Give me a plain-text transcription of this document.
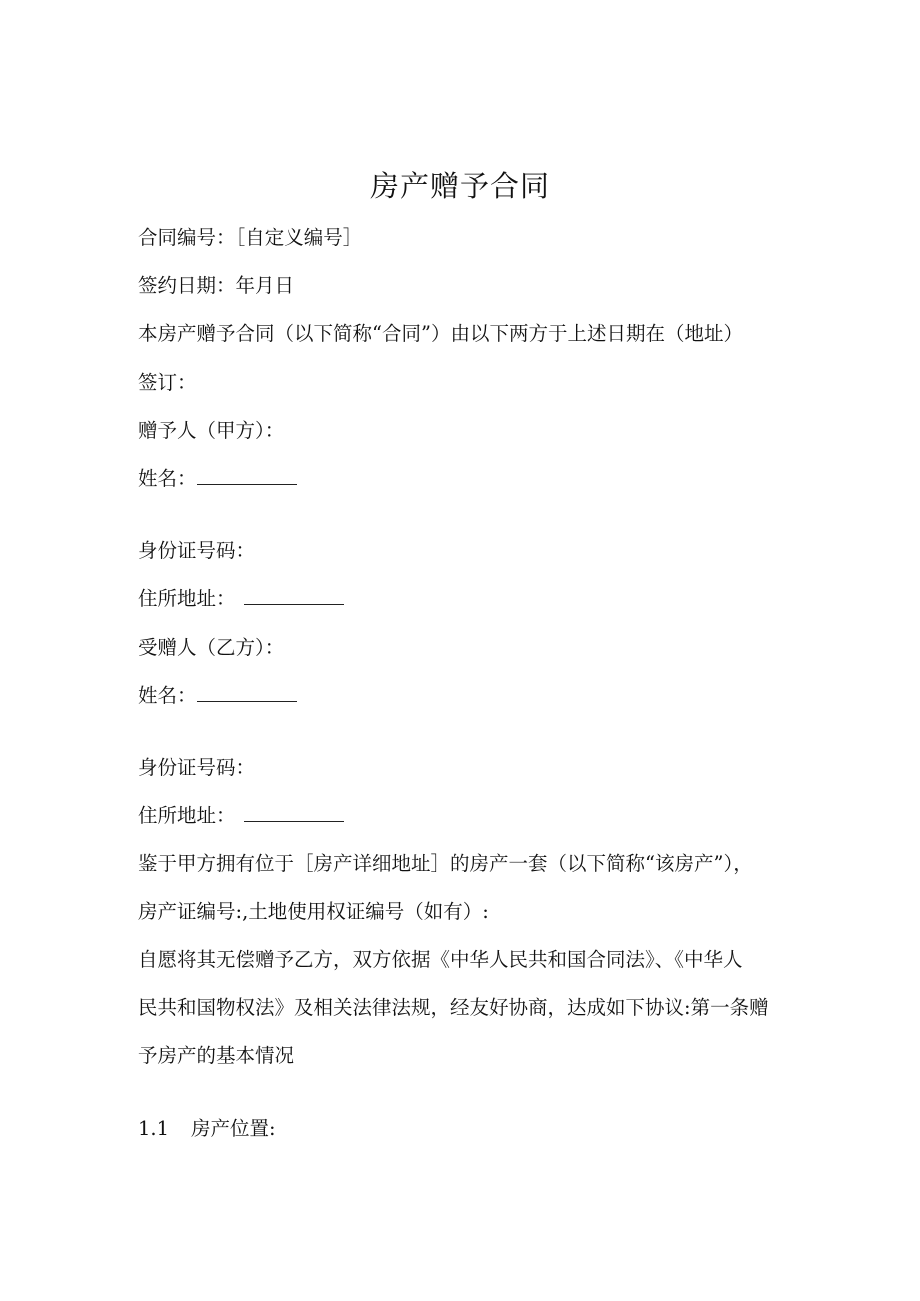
房产赠予合同
合同编号：［自定义编号］
签约日期：年月日
本房产赠予合同（以下简称“合同”）由以下两方于上述日期在（地址）
签订：
赠予人（甲方）：
姓名：
身份证号码：
住所地址：
受赠人（乙方）：
姓名：
身份证号码：
住所地址：
鉴于甲方拥有位于［房产详细地址］的房产一套（以下简称“该房产”），
房产证编号:,土地使用权证编号（如有）:
自愿将其无偿赠予乙方，双方依据《中华人民共和国合同法》、《中华人
民共和国物权法》及相关法律法规，经友好协商，达成如下协议:第一条赠
予房产的基本情况
1.1 房产位置:
